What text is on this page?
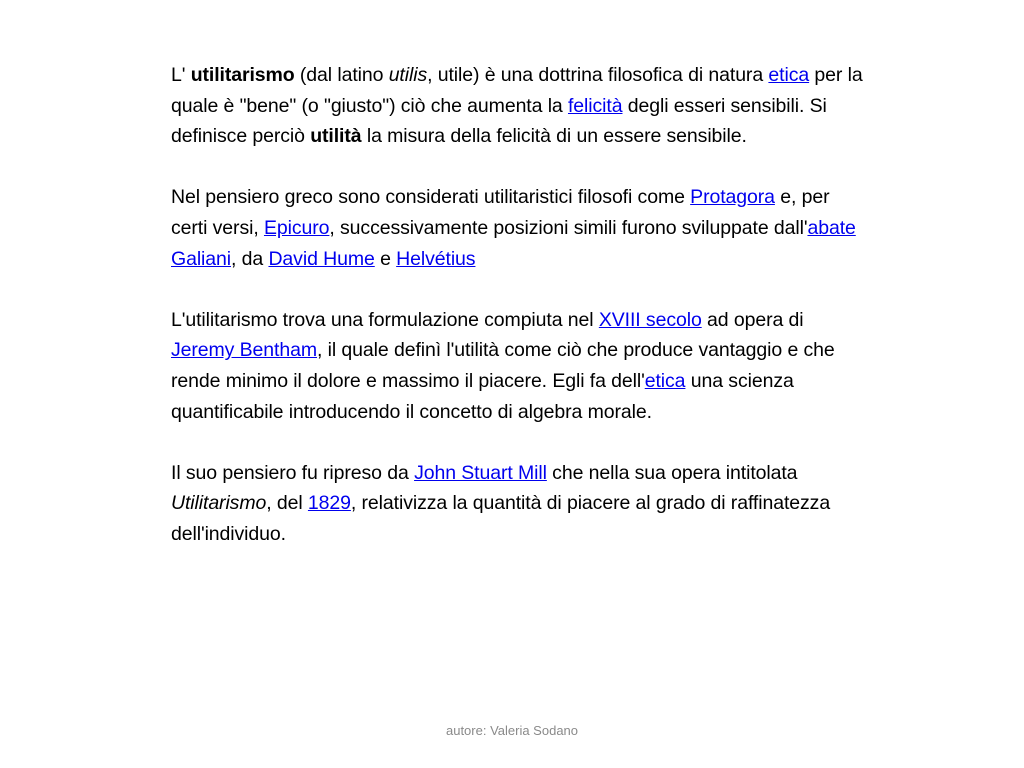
L' utilitarismo (dal latino utilis, utile) è una dottrina filosofica di natura etica per la quale è "bene" (o "giusto") ciò che aumenta la felicità degli esseri sensibili. Si definisce perciò utilità la misura della felicità di un essere sensibile.

Nel pensiero greco sono considerati utilitaristici filosofi come Protagora e, per certi versi, Epicuro, successivamente posizioni simili furono sviluppate dall'abate Galiani, da David Hume e Helvétius

L'utilitarismo trova una formulazione compiuta nel XVIII secolo ad opera di Jeremy Bentham, il quale definì l'utilità come ciò che produce vantaggio e che rende minimo il dolore e massimo il piacere. Egli fa dell'etica una scienza quantificabile introducendo il concetto di algebra morale.

Il suo pensiero fu ripreso da John Stuart Mill che nella sua opera intitolata Utilitarismo, del 1829, relativizza la quantità di piacere al grado di raffinatezza dell'individuo.

autore: Valeria Sodano
